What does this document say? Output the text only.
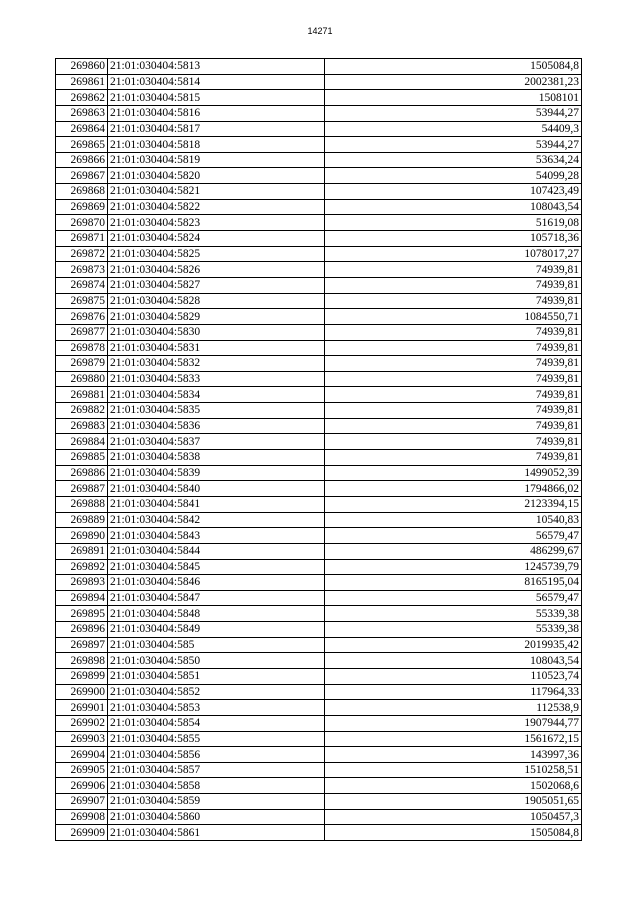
14271
269860	21:01:030404:5813	1505084,8
269861	21:01:030404:5814	2002381,23
269862	21:01:030404:5815	1508101
269863	21:01:030404:5816	53944,27
269864	21:01:030404:5817	54409,3
269865	21:01:030404:5818	53944,27
269866	21:01:030404:5819	53634,24
269867	21:01:030404:5820	54099,28
269868	21:01:030404:5821	107423,49
269869	21:01:030404:5822	108043,54
269870	21:01:030404:5823	51619,08
269871	21:01:030404:5824	105718,36
269872	21:01:030404:5825	1078017,27
269873	21:01:030404:5826	74939,81
269874	21:01:030404:5827	74939,81
269875	21:01:030404:5828	74939,81
269876	21:01:030404:5829	1084550,71
269877	21:01:030404:5830	74939,81
269878	21:01:030404:5831	74939,81
269879	21:01:030404:5832	74939,81
269880	21:01:030404:5833	74939,81
269881	21:01:030404:5834	74939,81
269882	21:01:030404:5835	74939,81
269883	21:01:030404:5836	74939,81
269884	21:01:030404:5837	74939,81
269885	21:01:030404:5838	74939,81
269886	21:01:030404:5839	1499052,39
269887	21:01:030404:5840	1794866,02
269888	21:01:030404:5841	2123394,15
269889	21:01:030404:5842	10540,83
269890	21:01:030404:5843	56579,47
269891	21:01:030404:5844	486299,67
269892	21:01:030404:5845	1245739,79
269893	21:01:030404:5846	8165195,04
269894	21:01:030404:5847	56579,47
269895	21:01:030404:5848	55339,38
269896	21:01:030404:5849	55339,38
269897	21:01:030404:585	2019935,42
269898	21:01:030404:5850	108043,54
269899	21:01:030404:5851	110523,74
269900	21:01:030404:5852	117964,33
269901	21:01:030404:5853	112538,9
269902	21:01:030404:5854	1907944,77
269903	21:01:030404:5855	1561672,15
269904	21:01:030404:5856	143997,36
269905	21:01:030404:5857	1510258,51
269906	21:01:030404:5858	1502068,6
269907	21:01:030404:5859	1905051,65
269908	21:01:030404:5860	1050457,3
269909	21:01:030404:5861	1505084,8
